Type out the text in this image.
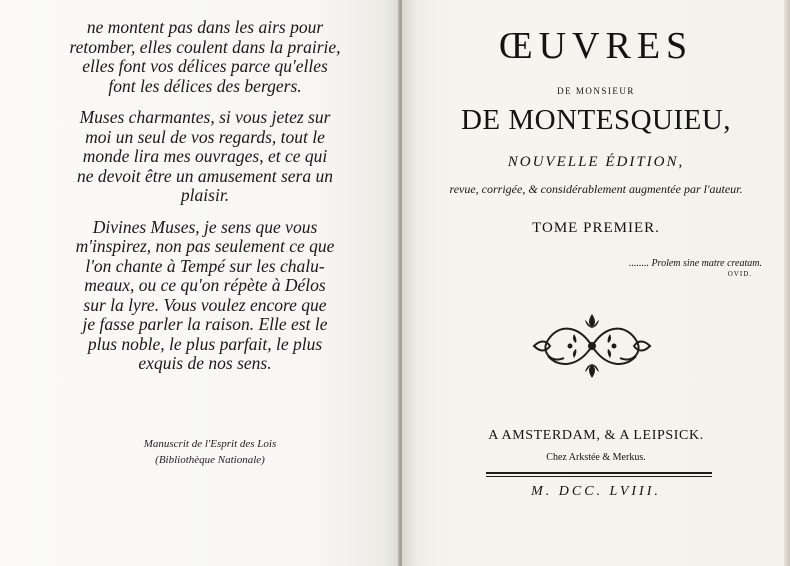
ne montent pas dans les airs pour
retomber, elles coulent dans la prairie,
elles font vos délices parce qu'elles
font les délices des bergers.

Muses charmantes, si vous jetez sur
moi un seul de vos regards, tout le
monde lira mes ouvrages, et ce qui
ne devoit être un amusement sera un
plaisir.

Divines Muses, je sens que vous
m'inspirez, non pas seulement ce que
l'on chante à Tempé sur les chalu-
meaux, ou ce qu'on répète à Délos
sur la lyre. Vous voulez encore que
je fasse parler la raison. Elle est le
plus noble, le plus parfait, le plus
exquis de nos sens.

Manuscrit de l'Esprit des Lois
(Bibliothèque Nationale)
ŒUVRES
DE MONSIEUR
DE MONTESQUIEU,
NOUVELLE ÉDITION,
revue, corrigée, & considérablement augmentée par l'auteur.
TOME PREMIER.
........ Prolem sine matre creatam.
OVID.
A AMSTERDAM, & A LEIPSICK.
Chez Arkstée & Merkus.
M. DCC. LVIII.
